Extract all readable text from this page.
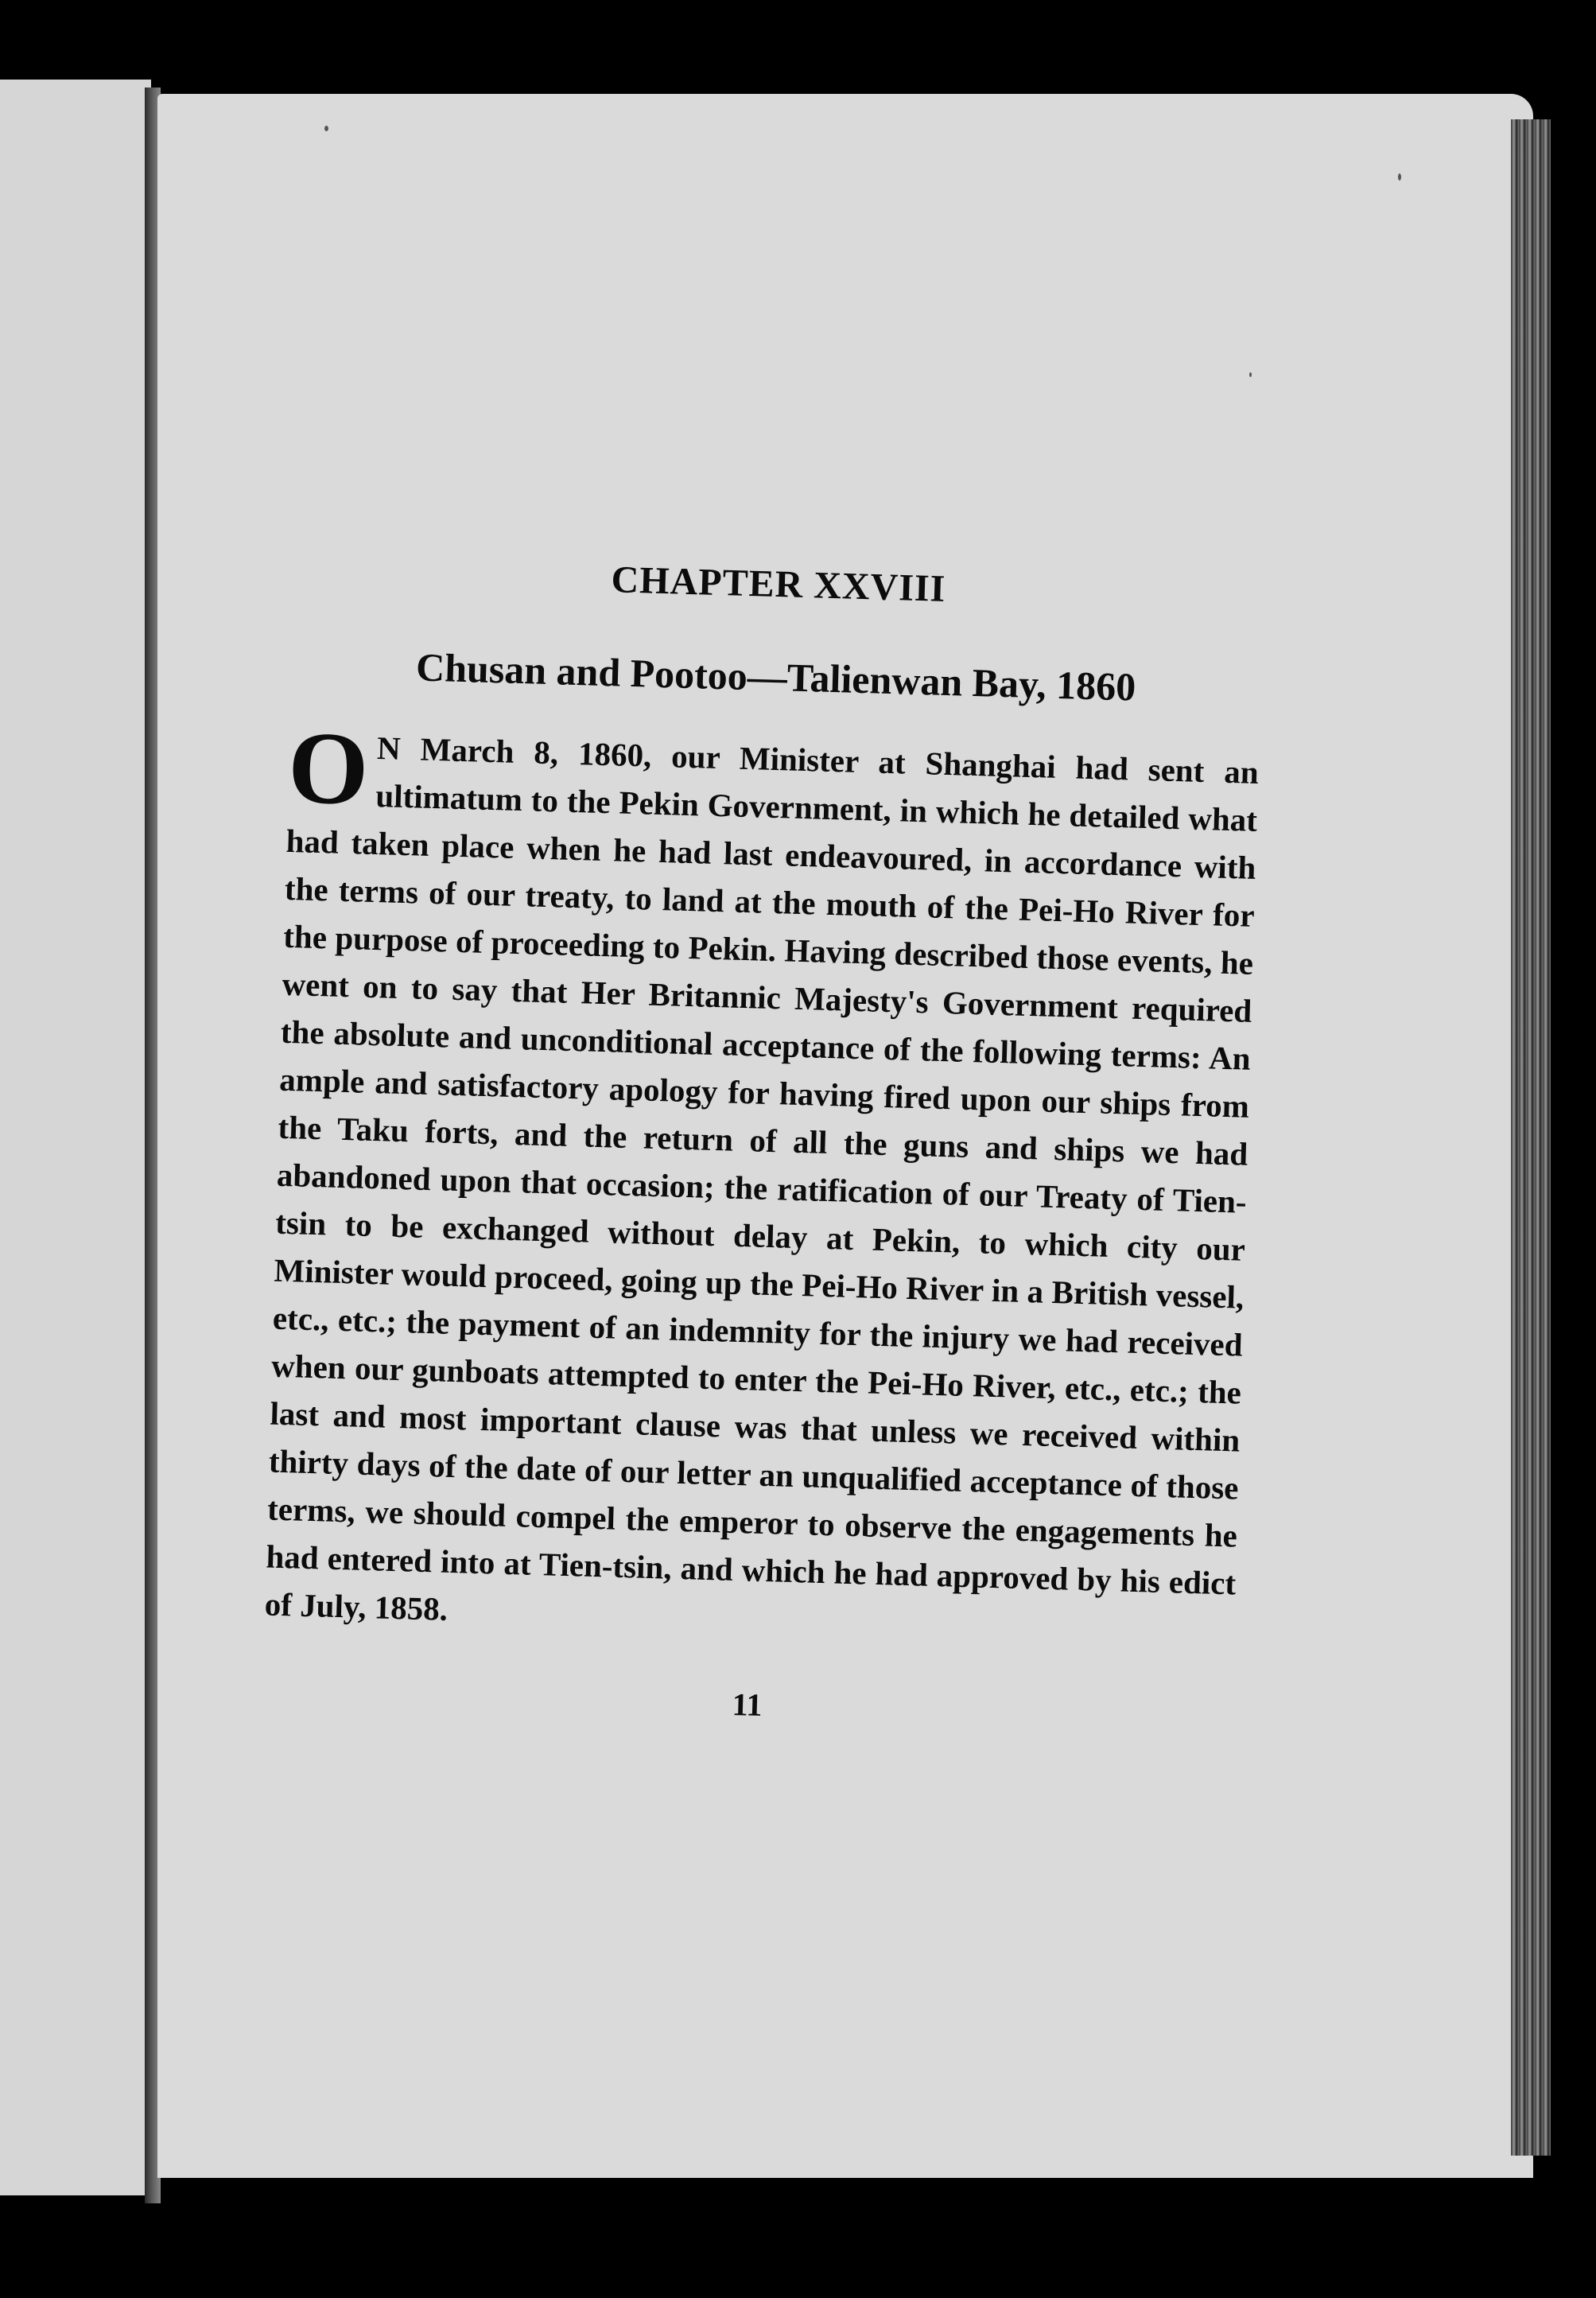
CHAPTER XXVIII
Chusan and Pootoo—Talienwan Bay, 1860

O N March 8, 1860, our Minister at Shanghai had sent an ultimatum to the Pekin Government, in which he detailed what had taken place when he had last endeavoured, in accordance with the terms of our treaty, to land at the mouth of the Pei-Ho River for the purpose of proceeding to Pekin. Having described those events, he went on to say that Her Britannic Majesty's Government required the absolute and unconditional acceptance of the following terms: An ample and satisfactory apology for having fired upon our ships from the Taku forts, and the return of all the guns and ships we had abandoned upon that occasion; the ratification of our Treaty of Tien-tsin to be exchanged without delay at Pekin, to which city our Minister would proceed, going up the Pei-Ho River in a British vessel, etc., etc.; the payment of an indemnity for the injury we had received when our gunboats attempted to enter the Pei-Ho River, etc., etc.; the last and most important clause was that unless we received within thirty days of the date of our letter an unqualified acceptance of those terms, we should compel the emperor to observe the engagements he had entered into at Tien-tsin, and which he had approved by his edict of July, 1858.

11
